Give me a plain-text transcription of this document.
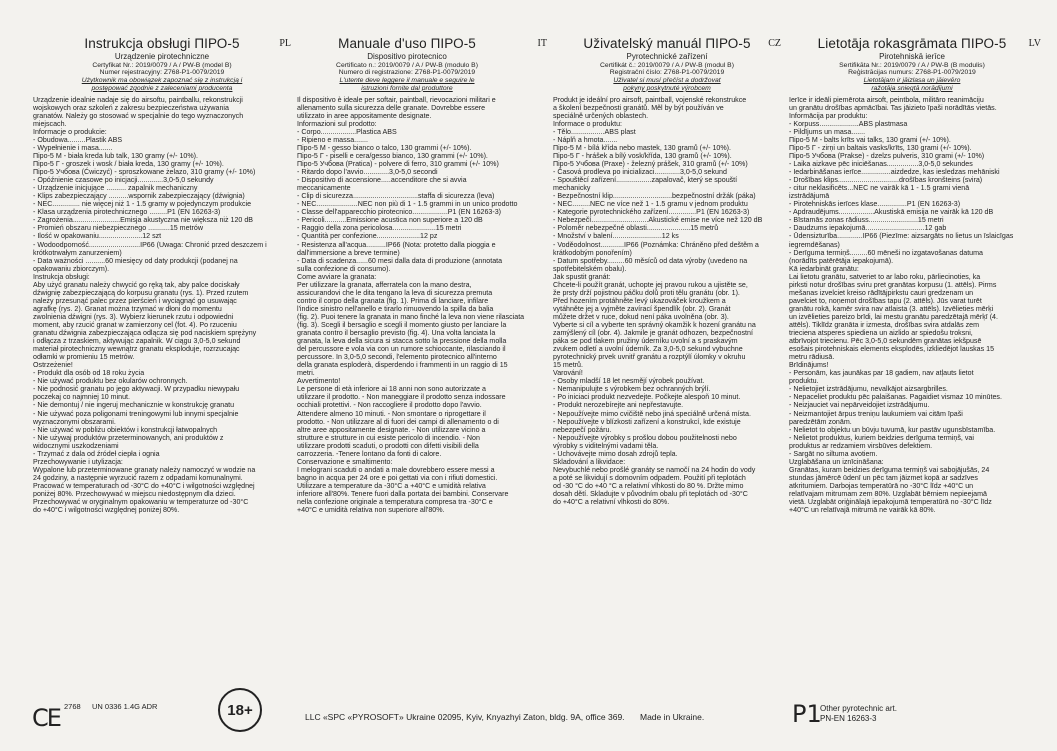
Instrukcja obsługi ПІРО-5	PL
Urządzenie pirotechniczne
Certyfikat Nr.: 2019/0079 / A / PW-B (model B)
Numer rejestracyjny: Z768-P1-0079/2019
Użytkownik ma obowiązek zapoznać się z instrukcją i
postępować zgodnie z zaleceniami producenta
Urządzenie idealnie nadaje się do airsoftu, paintballu, rekonstrukcji
wojskowych oraz szkoleń z zakresu bezpieczeństwa używania
granatów. Należy go stosować w specjalnie do tego wyznaczonych
miejscach.
Informacje o produkcie:
- Obudowa.........Plastik ABS
- Wypełnienie i masa.......
Піро-5 М - biała kreda lub talk, 130 gramy (+/- 10%).
Піро-5 Г - groszek i wosk / biała kreda, 130 gramy (+/- 10%).
Піро-5 Учбова (Ćwiczyć) - sproszkowane żelazo, 310 gramy (+/- 10%)
- Opóźnienie czasowe po inicjacji.............3,0-5,0 sekundy
- Urządzenie inicjujące .......... zapalnik mechaniczny
- Klips zabezpieczający ..........wspornik zabezpieczający (dźwignia)
- NEC.............. nie więcej niż 1 - 1.5 gramy w pojedynczym produkcie
- Klasa urządzenia pirotechnicznego .........P1 (EN 16263-3)
- Zagrożenia........................Emisja akustyczna nie większa niż 120 dB
- Promień obszaru niebezpiecznego ...........15 metrów
- Ilość w opakowaniu......................12 szt
- Wodoodporność..........................IP66 (Uwaga: Chronić przed deszczem i
krótkotrwałym zanurzeniem)
- Data ważności ..........60 miesięcy od daty produkcji (podanej na
opakowaniu zbiorczym).
Instrukcja obsługi:
Aby użyć granatu należy chwycić go ręką tak, aby palce dociskały
dźwignię zabezpieczającą do korpusu granatu (rys. 1). Przed rzutem
należy przesunąć palec przez pierścień i wyciągnąć go usuwając
agrafkę (rys. 2). Granat można trzymać w dłoni do momentu
zwolnienia dźwigni (rys. 3). Wybierz kierunek rzutu i odpowiedni
moment, aby rzucić granat w zamierzony cel (fot. 4). Po rzuceniu
granatu dźwignia zabezpieczająca odlącza się pod naciskiem sprężyny
i odłącza z trzaskiem, aktywując zapalnik. W ciągu 3,0-5,0 sekund
materiał pirotechniczny wewnątrz granatu eksploduje, rozrzucając
odłamki w promieniu 15 metrów.
Ostrzeżenie!
- Produkt dla osób od 18 roku życia
- Nie używać produktu bez okularów ochronnych.
- Nie podnosić granatu po jego aktywacji. W przypadku niewypału
poczekaj co najmniej 10 minut.
- Nie demontuj / nie ingeruj mechanicznie w konstrukcję granatu
- Nie używać poza poligonami treningowymi lub innymi specjalnie
wyznaczonymi obszarami.
- Nie używać w pobliżu obiektów i konstrukcji łatwopalnych
- Nie używaj produktów przeterminowanych, ani produktów z
widocznymi uszkodzeniami
- Trzymać z dala od źródeł ciepła i ognia
Przechowywanie i utylizacja:
Wypalone lub przeterminowane granaty należy namoczyć w wodzie na
24 godziny, a następnie wyrzucić razem z odpadami komunalnymi.
Pracować w temperaturach od -30°C do +40°C i wilgotności względnej
poniżej 80%. Przechowywać w miejscu niedostępnym dla dzieci.
Przechowywać w oryginalnym opakowaniu w temperaturze od -30°C
do +40°C i wilgotności względnej poniżej 80%.
Manuale d'uso ПІРО-5	IT
Dispositivo pirotecnico
Certificato n.: 2019/0079 / A / PW-B (modulo B)
Numero di registrazione: Z768-P1-0079/2019
L'utente deve leggere il manuale e seguire le
istruzioni fornite dal produttore
Il dispositivo è ideale per softair, paintball, rievocazioni militari e
allenamento sulla sicurezza delle granate. Dovrebbe essere
utilizzato in aree appositamente designate.
Informazioni sul prodotto:
- Corpo..................Plastica ABS
- Ripieno e massa.......
Піро-5 М - gesso bianco o talco, 130 grammi (+/- 10%).
Піро-5 Г - piselli e cera/gesso bianco, 130 grammi (+/- 10%).
Піро-5 Учбова (Pratica) - polvere di ferro, 310 grammi (+/- 10%)
- Ritardo dopo l'avvio.............3,0-5,0 secondi
- Dispositivo di accensione.....accenditore che si avvia
meccanicamente
- Clip di sicurezza.................................staffa di sicurezza (leva)
- NEC.....................NEC non più di 1 - 1.5 grammi in un unico prodotto
- Classe dell'apparecchio pirotecnico..................P1 (EN 16263-3)
- Pericoli...........Emissione acustica non superiore a 120 dB
- Raggio della zona pericolosa......................15 metri
- Quantità per confezione......................12 pz
- Resistenza all'acqua..........IP66 (Nota: protetto dalla pioggia e
dall'immersione a breve termine)
- Data di scadenza......60 mesi dalla data di produzione (annotata
sulla confezione di consumo).
Come avviare la granata:
Per utilizzare la granata, afferratela con la mano destra,
assicurandovi che le dita tengano la leva di sicurezza premuta
contro il corpo della granata (fig. 1). Prima di lanciare, infilare
l'indice sinistro nell'anello e tirarlo rimuovendo la spilla da balia
(fig. 2). Puoi tenere la granata in mano finché la leva non viene rilasciata
(fig. 3). Scegli il bersaglio e scegli il momento giusto per lanciare la
granata contro il bersaglio previsto (fig. 4). Una volta lanciata la
granata, la leva della sicura si stacca sotto la pressione della molla
del percussore e vola via con un rumore schioccante, rilasciando il
percussore. In 3,0-5,0 secondi, l'elemento pirotecnico all'interno
della granata esploderà, disperdendo i frammenti in un raggio di 15
metri.
Avvertimento!
Le persone di età inferiore ai 18 anni non sono autorizzate a
utilizzare il prodotto. - Non maneggiare il prodotto senza indossare
occhiali protettivi. - Non raccogliere il prodotto dopo l'avvio.
Attendere almeno 10 minuti. - Non smontare o riprogettare il
prodotto. - Non utilizzare al di fuori dei campi di allenamento o di
altre aree appositamente designate. - Non utilizzare vicino a
strutture e strutture in cui esiste pericolo di incendio. - Non
utilizzare prodotti scaduti, o prodotti con difetti visibili della
carrozzeria. -Tenere lontano da fonti di calore.
Conservazione e smaltimento:
I melograni scaduti o andati a male dovrebbero essere messi a
bagno in acqua per 24 ore e poi gettati via con i rifiuti domestici.
Utilizzare a temperature da -30°C a +40°C e umidità relativa
inferiore all'80%. Tenere fuori dalla portata dei bambini. Conservare
nella confezione originale a temperatura compresa tra -30°C e
+40°C e umidità relativa non superiore all'80%.
Uživatelský manuál ПІРО-5	CZ
Pyrotechnické zařízení
Certifikát č.: 2019/0079 / A / PW-B (modul B)
Registrační číslo: Z768-P1-0079/2019
Uživatel si musí přečíst a dodržovat
pokyny poskytnuté výrobcem
Produkt je ideální pro airsoft, paintball, vojenské rekonstrukce
a školení bezpečnosti granátů. Měl by být používán ve
speciálně určených oblastech.
Informace o produktu:
- Tělo.................ABS plast
- Náplň a hmota.......
Піро-5 М - bílá křída nebo mastek, 130 gramů (+/- 10%).
Піро-5 Г - hrášek a bílý vosk/křída, 130 gramů (+/- 10%).
Піро-5 Учбова (Praxe) - železný prášek, 310 gramů (+/- 10%)
- Časová prodleva po inicializaci.............3,0-5,0 sekund
- Spouštěcí zařízení..................zapalovač, který se spouští
mechanicky
- Bezpečnostní klip..............................bezpečnostní držák (páka)
- NEC.........NEC ne více než 1 - 1.5 gramu v jednom produktu
- Kategorie pyrotechnického zařízení..............P1 (EN 16263-3)
- Nebezpečí.............................Akustické emise ne více než 120 dB
- Poloměr nebezpečné oblasti......................15 metrů
- Množství v balení.........................12 ks
- Voděodolnost............IP66 (Poznámka: Chráněno před deštěm a
krátkodobým ponořením)
- Datum spotřeby.........60 měsíců od data výroby (uvedeno na
spotřebitelském obalu).
Jak spustit granát:
Chcete-li použít granát, uchopte jej pravou rukou a ujistěte se,
že prsty drží pojistnou páčku dolů proti tělu granátu (obr. 1).
Před hozením protáhněte levý ukazováček kroužkem a
vytáhněte jej a vyjměte zavírací špendlík (obr. 2). Granát
můžete držet v ruce, dokud není páka uvolněna (obr. 3).
Vyberte si cíl a vyberte ten správný okamžik k hození granátu na
zamýšlený cíl (obr. 4). Jakmile je granát odhozen, bezpečnostní
páka se pod tlakem pružiny úderníku uvolní a s praskavým
zvukem odletí a uvolní úderník. Za 3,0-5,0 sekund vybuchne
pyrotechnický prvek uvnitř granátu a rozptýlí úlomky v okruhu
15 metrů.
Varování!
- Osoby mladší 18 let nesmějí výrobek používat.
- Nemanipulujte s výrobkem bez ochranných brýlí.
- Po iniciaci produkt nezvedejte. Počkejte alespoň 10 minut.
- Produkt nerozebírejte ani nepřestavujte.
- Nepoužívejte mimo cvičiště nebo jiná speciálně určená místa.
- Nepoužívejte v blízkosti zařízení a konstrukcí, kde existuje
nebezpečí požáru.
- Nepoužívejte výrobky s prošlou dobou použitelnosti nebo
výrobky s viditelnými vadami těla.
- Uchovávejte mimo dosah zdrojů tepla.
Skladování a likvidace:
Nevybuchlé nebo prošlé granáty se namočí na 24 hodin do vody
a poté se likvidují s domovním odpadem. Použití při teplotách
od -30 °C do +40 °C a relativní vlhkosti do 80 %. Držte mimo
dosah dětí. Skladujte v původním obalu při teplotách od -30°C
do +40°C a relativní vlhkosti do 80%.
Lietotāja rokasgrāmata ПІРО-5	LV
Pirotehniskā ierīce
Sertifikāta Nr.: 2019/0079 / A / PW-B (B modulis)
Reģistrācijas numurs: Z768-P1-0079/2019
Lietotājam ir jāizlasa un jāievēro
ražotāja sniegtā norādījumi
Ierīce ir ideāli piemērota airsoft, peintbola, militāro reanimāciju
un granātu drošības apmācībai. Tas jāizieto īpaši norādītās vietās.
Informācija par produktu:
- Korpuss....................ABS plastmasa
- Pildījums un masa.......
Піро-5 М - balts krīts vai talks, 130 grami (+/- 10%).
Піро-5 Г - zirņi un baltais vasks/krīts, 130 grami (+/- 10%).
Піро-5 Учбова (Prakse) - dzelzs pulveris, 310 grami (+/- 10%)
- Laika aizkave pēc iniciēšanas................3,0-5,0 sekundes
- Iedarbināšanas ierīce...............aizdedze, kas iesledzas mehāniski
- Drošības klips...............................drošības kronšteins (svira)
- citur neklasificēts...NEC ne vairāk kā 1 - 1.5 grami vienā
izstrādājumā
- Pirotehniskās ierīces klase...............P1 (EN 16263-3)
- Apdraudējums..................Akustiskā emisija ne vairāk kā 120 dB
- Bīstamās zonas rādiuss.........................15 metri
- Daudzums iepakojumā..............................12 gab
- Ūdensizturība.............IP66 (Piezīme: aizsargāts no lietus un īslaicīgas
iegremdēšanas)
- Derīguma termiņš.........60 mēneši no izgatavošanas datuma
(norādīts patērētāja iepakojumā).
Kā iedarbināt granātu:
Lai lietotu granātu, satveriet to ar labo roku, pārliecinoties, ka
pirksti notur drošības sviru pret granātas korpusu (1. attēls). Pirms
mešanas izvelciet kreiso rādītājpirkstu cauri gredzenam un
pavelciet to, noņemot drošības tapu (2. attēls). Jūs varat turēt
granātu rokā, kamēr svira nav atlaista (3. attēls). Izvēlieties mērķi
un izvēlieties pareizo brīdi, lai mestu granātu paredzētajā mērķī (4.
attēls). Tiklīdz granāta ir izmesta, drošības svira atdalās zem
trieciena atsperes spiediena un aizlido ar spiedošu troksni,
atbrīvojot triecienu. Pēc 3,0-5,0 sekundēm granātas iekšpusē
esošais pirotehniskais elements eksplodēs, izkliedējot lauskas 15
metru rādiusā.
Brīdinājums!
- Personām, kas jaunākas par 18 gadiem, nav atļauts lietot
produktu.
- Nelietojiet izstrādājumu, nevalkājot aizsargbrilles.
- Nepaceliet produktu pēc palaišanas. Pagaidiet vismaz 10 minūtes.
- Neizjauciet vai nepārveidojiet izstrādājumu.
- Neizmantojiet ārpus treniņu laukumiem vai citām īpaši
paredzētām zonām.
- Nelietot to objektu un būvju tuvumā, kur pastāv ugunsbīstamība.
- Nelietot produktus, kuriem beidzies derīguma termiņš, vai
produktus ar redzamiem virsbūves defektiem.
- Sargāt no siltuma avotiem.
Uzglabāšana un iznīcināšana:
Granātas, kuram beidzies derīguma termiņš vai sabojājušās, 24
stundas jāmērcē ūdenī un pēc tam jāizmet kopā ar sadzīves
atkritumiem. Darbojas temperatūrā no -30°C līdz +40°C un
relatīvajam mitrumam zem 80%. Uzglabāt bērniem nepieejamā
vietā. Uzglabāt oriģinālajā iepakojumā temperatūrā no -30°C līdz
+40°C un relatīvajā mitrumā ne vairāk kā 80%.
CE 2768 UN 0336 1.4G ADR	18+	LLC «SPC «PYROSOFT» Ukraine 02095, Kyiv, Knyazhyi Zaton, bldg. 9A, office 369. Made in Ukraine.	P1
Other pyrotechnic art.
PN-EN 16263-3
